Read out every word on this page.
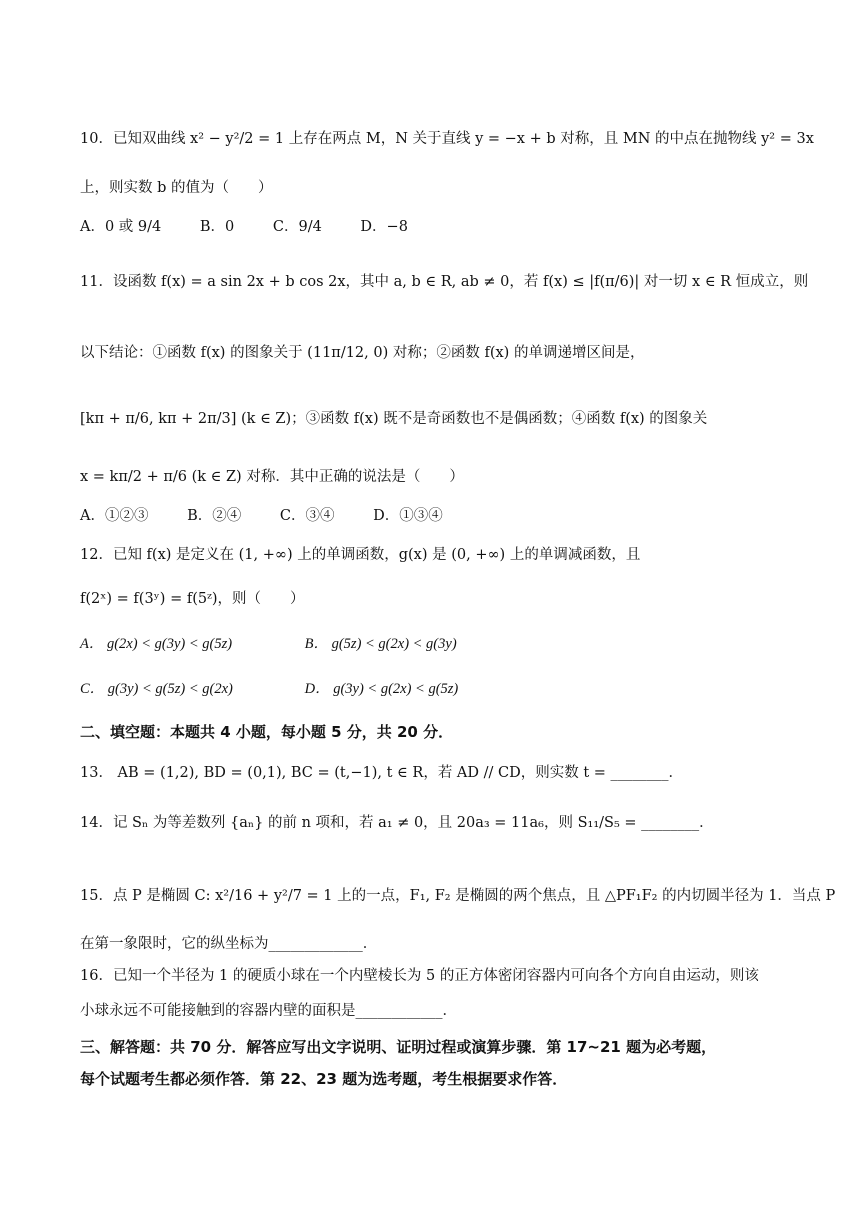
10．已知双曲线 x² − y²/2 = 1 上存在两点 M，N 关于直线 y = −x + b 对称，且 MN 的中点在抛物线 y² = 3x
上，则实数 b 的值为（　　）
A．0 或 9/4	B．0	C．9/4	D．−8
11．设函数 f(x) = a sin 2x + b cos 2x，其中 a, b ∈ R, ab ≠ 0，若 f(x) ≤ |f(π/6)| 对一切 x ∈ R 恒成立，则
以下结论：①函数 f(x) 的图象关于 (11π/12, 0) 对称；②函数 f(x) 的单调递增区间是，
[kπ + π/6, kπ + 2π/3] (k ∈ Z)；③函数 f(x) 既不是奇函数也不是偶函数；④函数 f(x) 的图象关
x = kπ/2 + π/6 (k ∈ Z) 对称．其中正确的说法是（　　）
A．①②③	B．②④	C．③④	D．①③④
12．已知 f(x) 是定义在 (1, +∞) 上的单调函数，g(x) 是 (0, +∞) 上的单调减函数，且
f(2ˣ) = f(3ʸ) = f(5ᶻ)，则（　　）
A． g(2x) < g(3y) < g(5z)	B． g(5z) < g(2x) < g(3y)
C． g(3y) < g(5z) < g(2x)	D． g(3y) < g(2x) < g(5z)
二、填空题：本题共 4 小题，每小题 5 分，共 20 分．
13． AB = (1,2), BD = (0,1), BC = (t,−1), t ∈ R，若 AD // CD，则实数 t = ________．
14．记 Sₙ 为等差数列 {aₙ} 的前 n 项和，若 a₁ ≠ 0，且 20a₃ = 11a₆，则 S₁₁/S₅ = ________．
15．点 P 是椭圆 C: x²/16 + y²/7 = 1 上的一点，F₁, F₂ 是椭圆的两个焦点，且 △PF₁F₂ 的内切圆半径为 1．当点 P
在第一象限时，它的纵坐标为_____________．
16．已知一个半径为 1 的硬质小球在一个内壁棱长为 5 的正方体密闭容器内可向各个方向自由运动，则该
小球永远不可能接触到的容器内壁的面积是____________．
三、解答题：共 70 分．解答应写出文字说明、证明过程或演算步骤．第 17~21 题为必考题，
每个试题考生都必须作答．第 22、23 题为选考题，考生根据要求作答．
